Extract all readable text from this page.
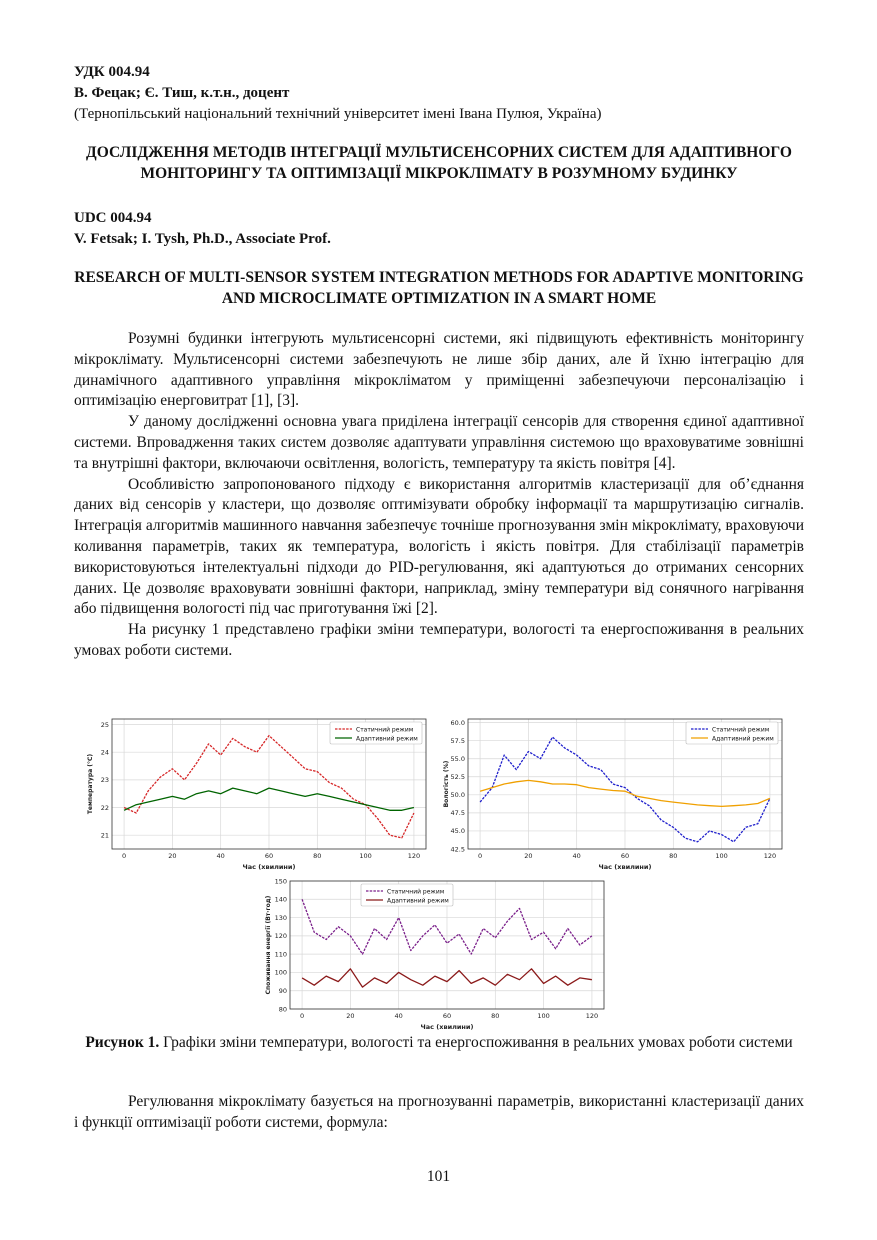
УДК 004.94
В. Фецак; Є. Тиш, к.т.н., доцент
(Тернопільський національний технічний університет імені Івана Пулюя, Україна)

ДОСЛІДЖЕННЯ МЕТОДІВ ІНТЕГРАЦІЇ МУЛЬТИСЕНСОРНИХ СИСТЕМ ДЛЯ АДАПТИВНОГО МОНІТОРИНГУ ТА ОПТИМІЗАЦІЇ МІКРОКЛІМАТУ В РОЗУМНОМУ БУДИНКУ

UDC 004.94
V. Fetsak; I. Tysh, Ph.D., Associate Prof.

RESEARCH OF MULTI-SENSOR SYSTEM INTEGRATION METHODS FOR ADAPTIVE MONITORING AND MICROCLIMATE OPTIMIZATION IN A SMART HOME

Розумні будинки інтегрують мультисенсорні системи, які підвищують ефективність моніторингу мікроклімату. Мультисенсорні системи забезпечують не лише збір даних, але й їхню інтеграцію для динамічного адаптивного управління мікрокліматом у приміщенні забезпечуючи персоналізацію і оптимізацію енерговитрат [1], [3].

У даному дослідженні основна увага приділена інтеграції сенсорів для створення єдиної адаптивної системи. Впровадження таких систем дозволяє адаптувати управління системою що враховуватиме зовнішні та внутрішні фактори, включаючи освітлення, вологість, температуру та якість повітря [4].

Особливістю запропонованого підходу є використання алгоритмів кластеризації для об’єднання даних від сенсорів у кластери, що дозволяє оптимізувати обробку інформації та маршрутизацію сигналів. Інтеграція алгоритмів машинного навчання забезпечує точніше прогнозування змін мікроклімату, враховуючи коливання параметрів, таких як температура, вологість і якість повітря. Для стабілізації параметрів використовуються інтелектуальні підходи до PID-регулювання, які адаптуються до отриманих сенсорних даних. Це дозволяє враховувати зовнішні фактори, наприклад, зміну температури від сонячного нагрівання або підвищення вологості під час приготування їжі [2].

На рисунку 1 представлено графіки зміни температури, вологості та енергоспоживання в реальних умовах роботи системи.

0	20	40	60	80	100	120
21
22
23
24
25
Час (хвилини)
Температура (°C)
Статичний режим
Адаптивний режим
0	20	40	60	80	100	120
42.5
45.0
47.5
50.0
52.5
55.0
57.5
60.0
Час (хвилини)
Вологість (%)
Статичний режим
Адаптивний режим
0	20	40	60	80	100	120
80
90
100
110
120
130
140
150
Час (хвилини)
Споживання енергії (Вт·год)
Статичний режим
Адаптивний режим
Рисунок 1. Графіки зміни температури, вологості та енергоспоживання в реальних умовах роботи системи

Регулювання мікроклімату базується на прогнозуванні параметрів, використанні кластеризації даних і функції оптимізації роботи системи, формула:

101
